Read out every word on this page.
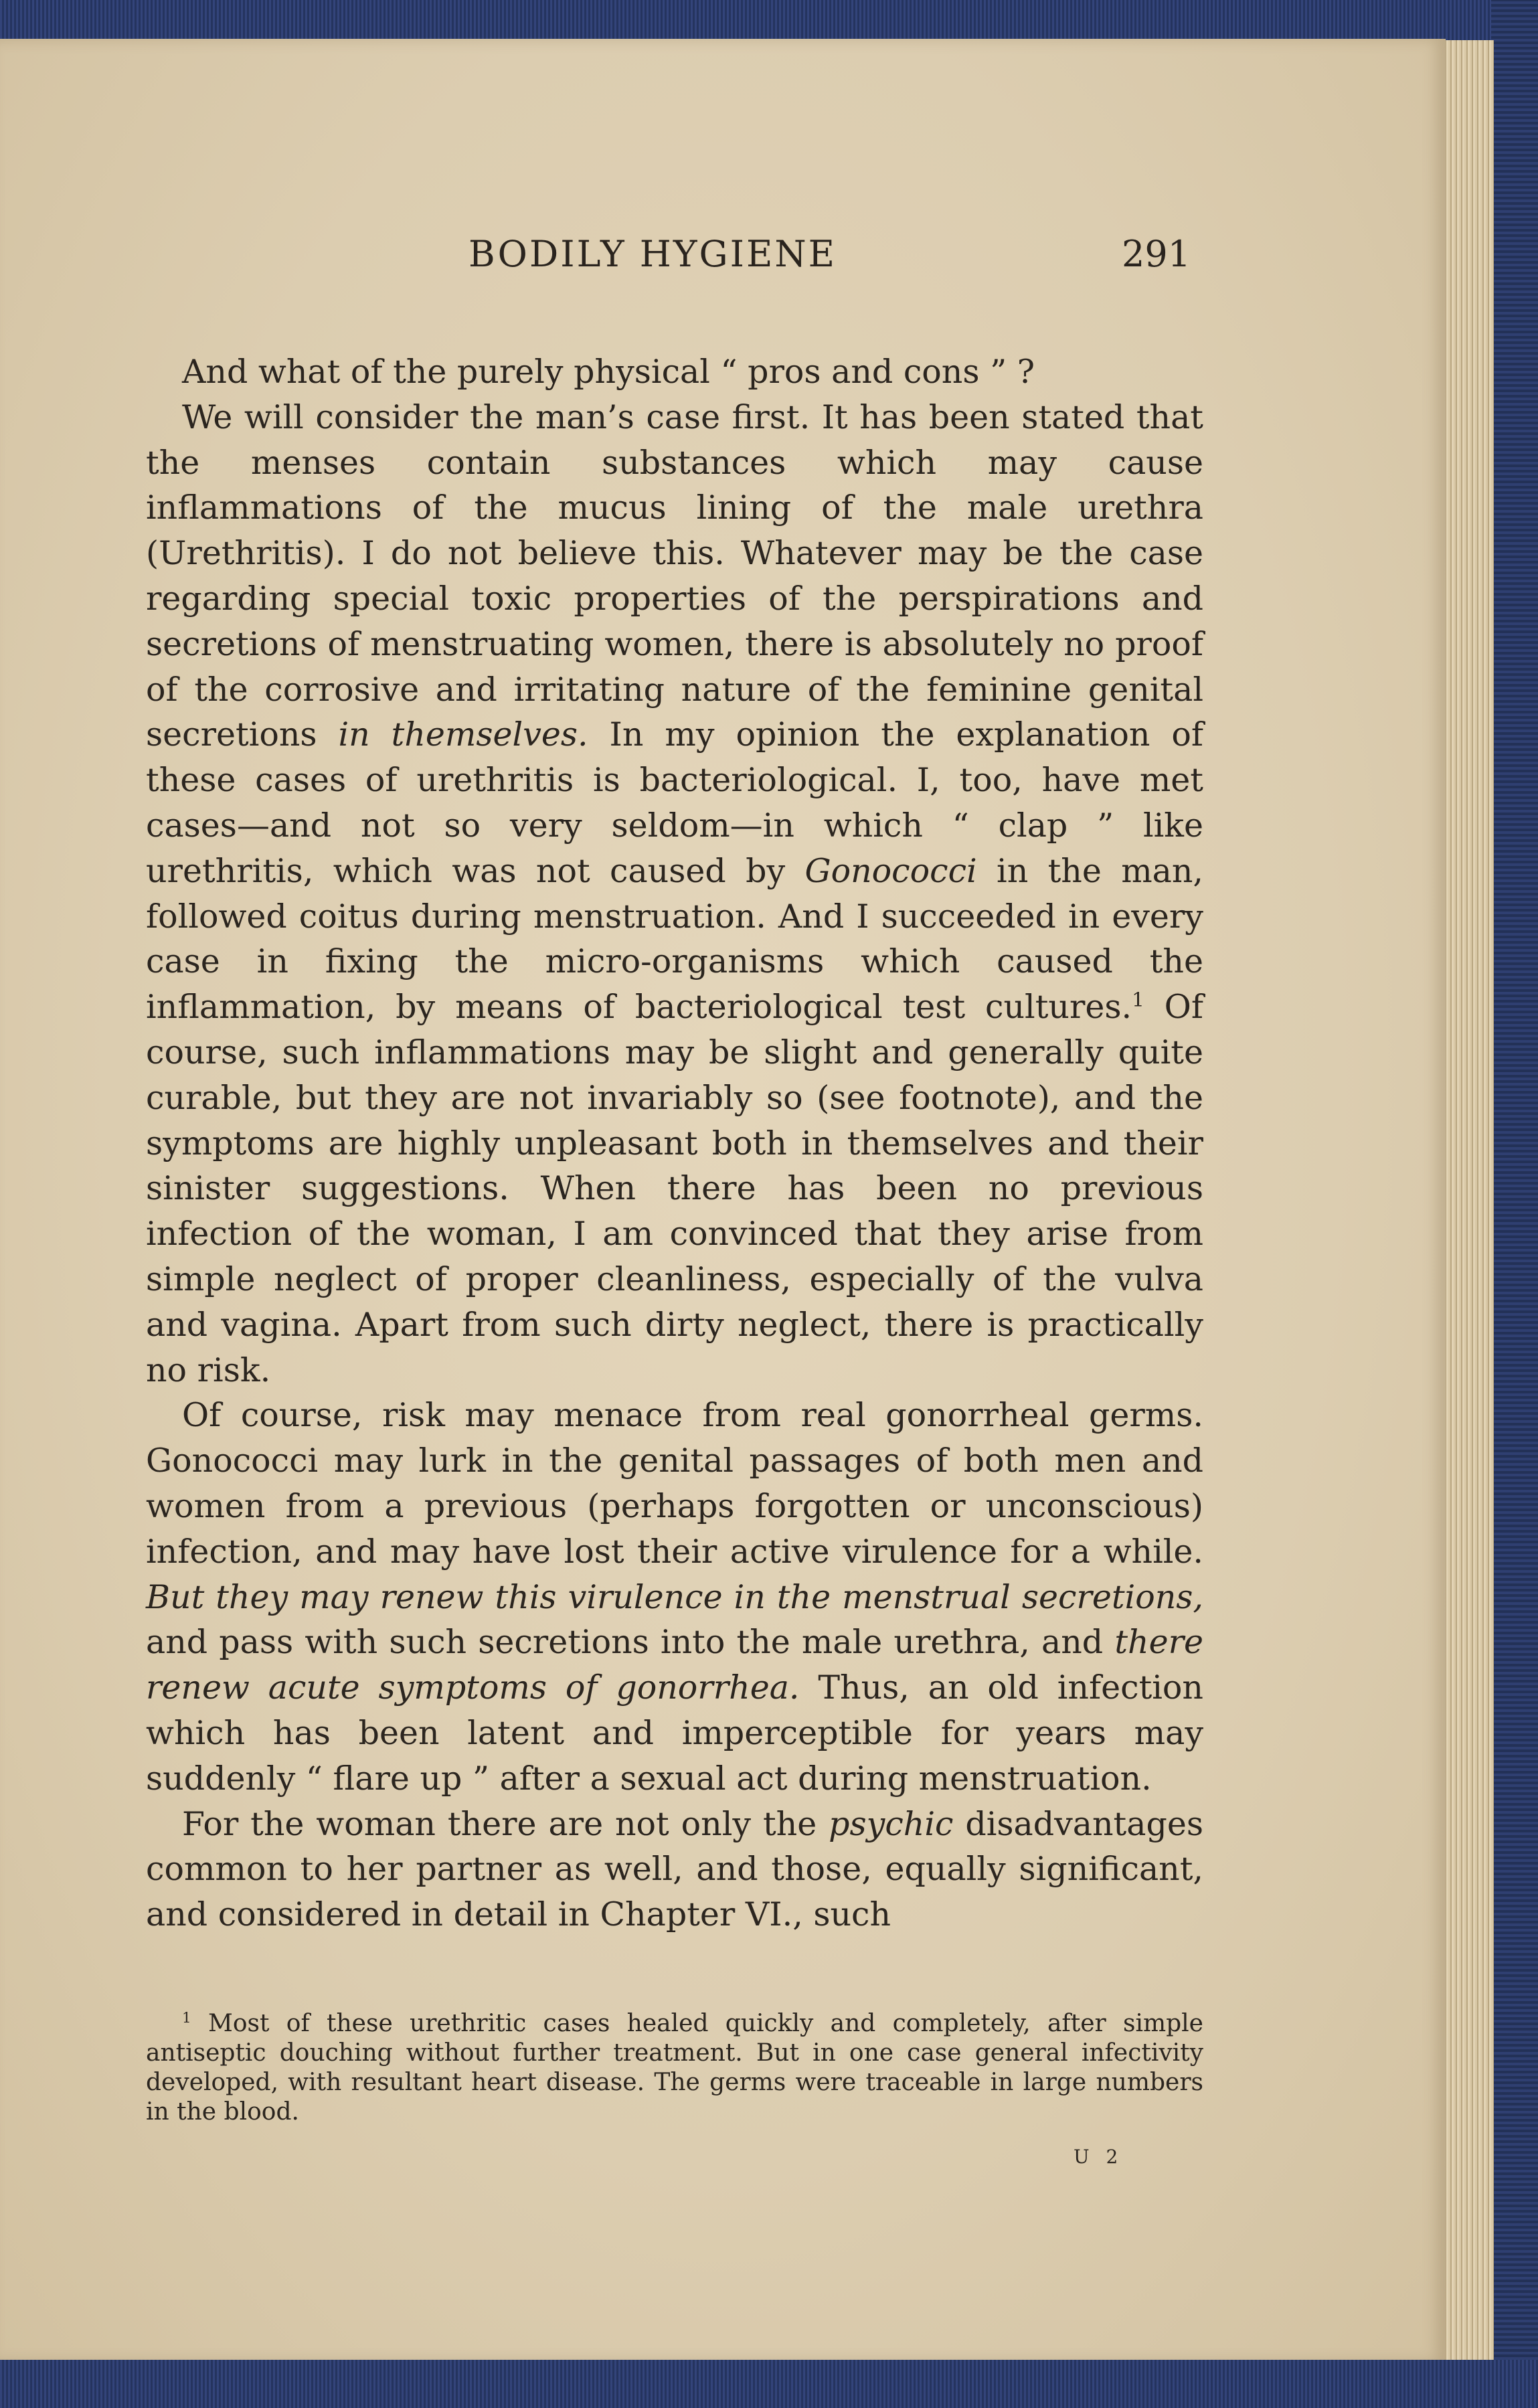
BODILY HYGIENE	291

And what of the purely physical “ pros and cons ” ?

We will consider the man’s case first. It has been stated that the menses contain substances which may cause inflammations of the mucus lining of the male urethra (Urethritis). I do not believe this. Whatever may be the case regarding special toxic properties of the perspirations and secretions of menstruating women, there is absolutely no proof of the corrosive and irritating nature of the feminine genital secretions in themselves. In my opinion the explanation of these cases of urethritis is bacteriological. I, too, have met cases—and not so very seldom—in which “ clap ” like urethritis, which was not caused by Gonococci in the man, followed coitus during menstruation. And I succeeded in every case in fixing the micro-organisms which caused the inflammation, by means of bacteriological test cultures.$^1$ Of course, such inflammations may be slight and generally quite curable, but they are not invariably so (see footnote), and the symptoms are highly unpleasant both in themselves and their sinister suggestions. When there has been no previous infection of the woman, I am convinced that they arise from simple neglect of proper cleanliness, especially of the vulva and vagina. Apart from such dirty neglect, there is practically no risk.

Of course, risk may menace from real gonorrheal germs. Gonococci may lurk in the genital passages of both men and women from a previous (perhaps forgotten or unconscious) infection, and may have lost their active virulence for a while. But they may renew this virulence in the menstrual secretions, and pass with such secretions into the male urethra, and there renew acute symptoms of gonorrhea. Thus, an old infection which has been latent and imperceptible for years may suddenly “ flare up ” after a sexual act during menstruation.

For the woman there are not only the psychic disadvantages common to her partner as well, and those, equally significant, and considered in detail in Chapter VI., such

$^1$ Most of these urethritic cases healed quickly and completely, after simple antiseptic douching without further treatment. But in one case general infectivity developed, with resultant heart disease. The germs were traceable in large numbers in the blood.

U 2
